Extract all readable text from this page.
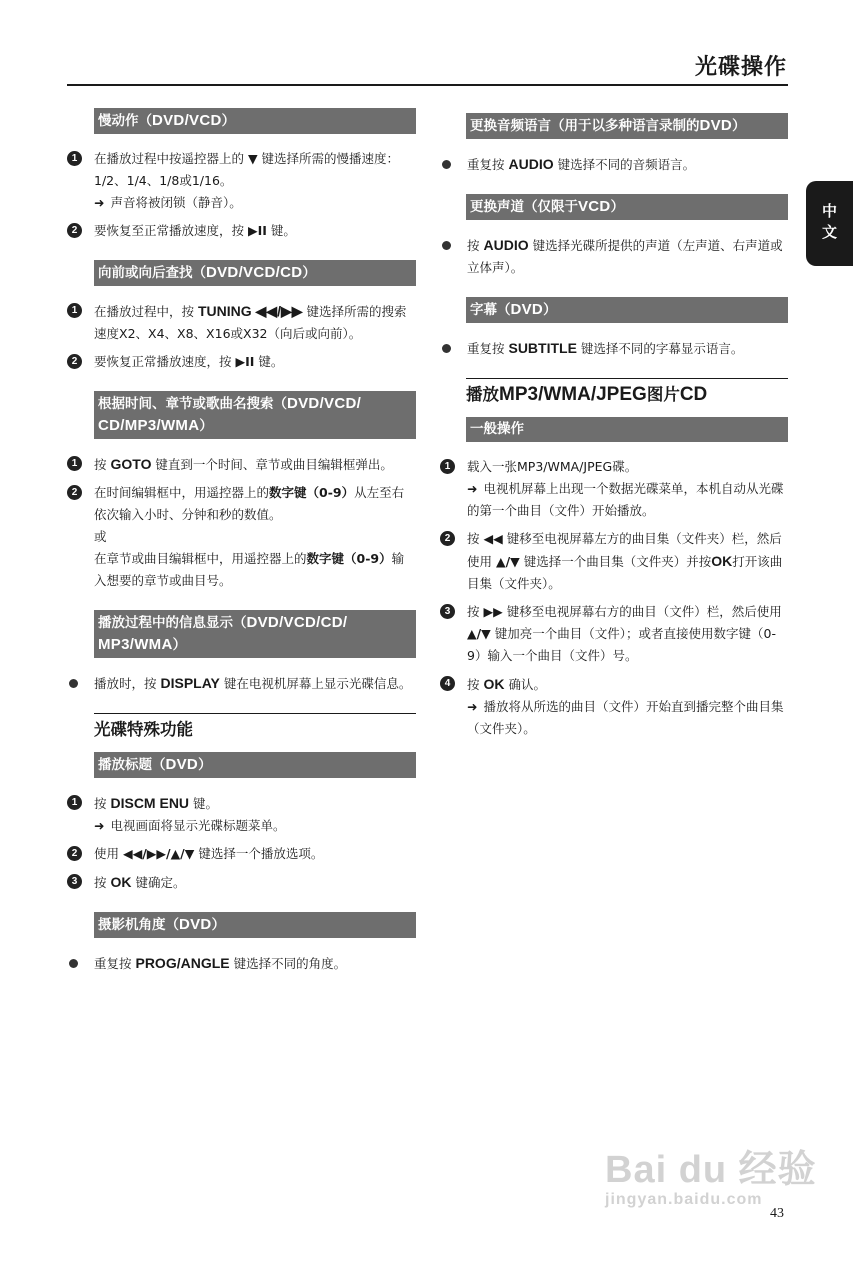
光碟操作
中文
慢动作（DVD/VCD）
1	在播放过程中按遥控器上的 ▼ 键选择所需的慢播速度：1/2、1/4、1/8或1/16。
➜ 声音将被闭锁（静音）。
2	要恢复至正常播放速度，按 ▶II 键。
向前或向后查找（DVD/VCD/CD）
1	在播放过程中，按 TUNING ◀◀/▶▶ 键选择所需的搜索速度X2、X4、X8、X16或X32（向后或向前）。
2	要恢复正常播放速度，按 ▶II 键。
根据时间、章节或歌曲名搜索（DVD/VCD/ CD/MP3/WMA）
1	按 GOTO 键直到一个时间、章节或曲目编辑框弹出。
2	在时间编辑框中，用遥控器上的数字键（0-9）从左至右依次输入小时、分钟和秒的数值。
或
在章节或曲目编辑框中，用遥控器上的数字键（0-9）输入想要的章节或曲目号。
播放过程中的信息显示（DVD/VCD/CD/ MP3/WMA）
播放时，按 DISPLAY 键在电视机屏幕上显示光碟信息。
光碟特殊功能
播放标题（DVD）
1	按 DISCM ENU 键。
➜ 电视画面将显示光碟标题菜单。
2	使用 ◀◀/▶▶/▲/▼ 键选择一个播放选项。
3	按 OK 键确定。
摄影机角度（DVD）
重复按 PROG/ANGLE 键选择不同的角度。
更换音频语言（用于以多种语言录制的DVD）
重复按 AUDIO 键选择不同的音频语言。
更换声道（仅限于VCD）
按 AUDIO 键选择光碟所提供的声道（左声道、右声道或立体声）。
字幕（DVD）
重复按 SUBTITLE 键选择不同的字幕显示语言。
播放MP3/WMA/JPEG图片CD
一般操作
1	载入一张MP3/WMA/JPEG碟。
➜ 电视机屏幕上出现一个数据光碟菜单，本机自动从光碟的第一个曲目（文件）开始播放。
2	按 ◀◀ 键移至电视屏幕左方的曲目集（文件夹）栏，然后使用 ▲/▼ 键选择一个曲目集（文件夹）并按OK打开该曲目集（文件夹）。
3	按 ▶▶ 键移至电视屏幕右方的曲目（文件）栏，然后使用 ▲/▼ 键加亮一个曲目（文件）；或者直接使用数字键（0-9）输入一个曲目（文件）号。
4	按 OK 确认。
➜ 播放将从所选的曲目（文件）开始直到播完整个曲目集（文件夹）。
Bai du 经验
jingyan.baidu.com
43
